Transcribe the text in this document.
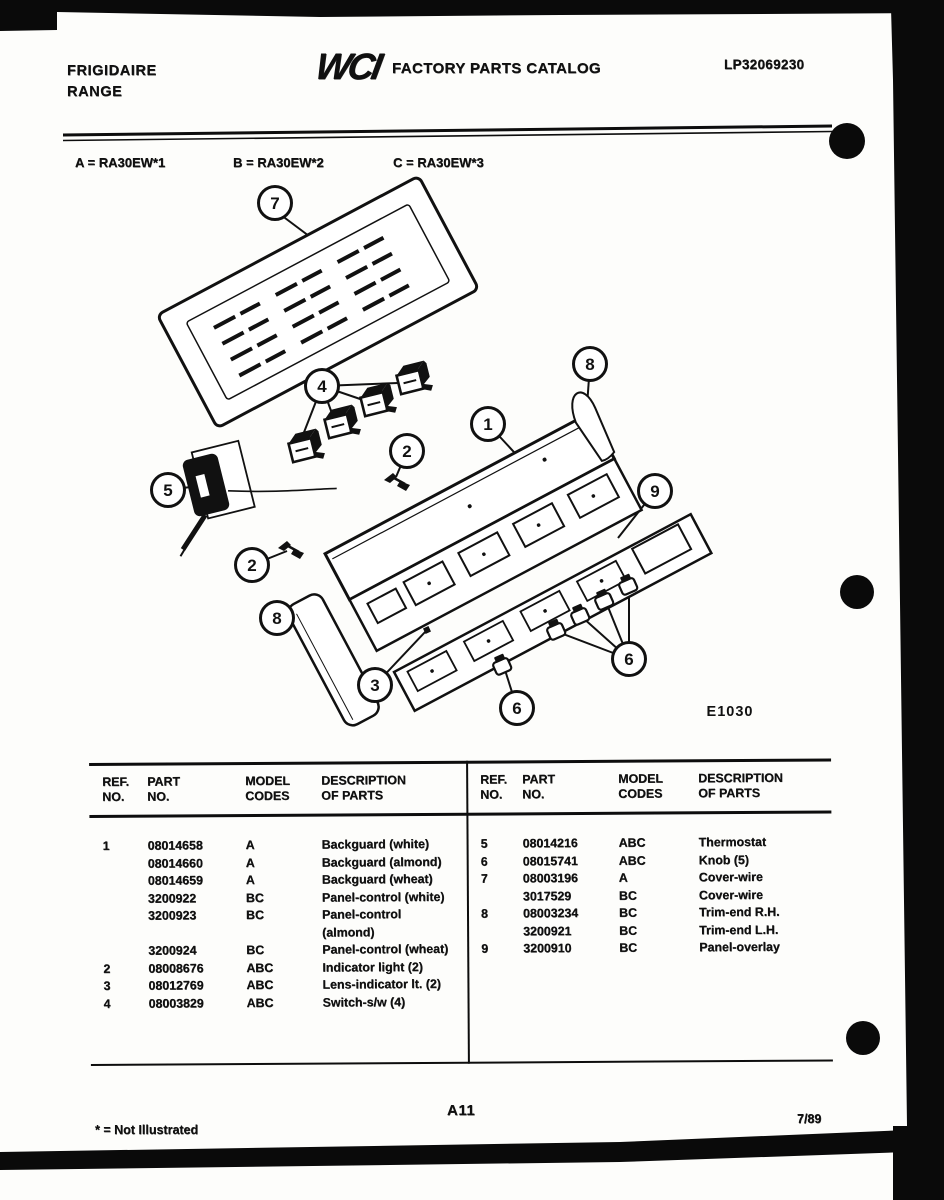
7
4
5
2
2
1
8
8
9
3
6
6	E1030
FRIGIDAIRE
RANGE
WCI FACTORY PARTS CATALOG	LP32069230
A = RA30EW*1	B = RA30EW*2	C = RA30EW*3
REF.
NO.
PART
NO.
MODEL
CODES
DESCRIPTION
OF PARTS
1	08014658	A	Backguard (white)
08014660	A	Backguard (almond)
08014659	A	Backguard (wheat)
3200922	BC	Panel-control (white)
3200923	BC	Panel-control
(almond)
3200924	BC	Panel-control (wheat)
2	08008676	ABC	Indicator light (2)
3	08012769	ABC	Lens-indicator lt. (2)
4	08003829	ABC	Switch-s/w (4)
REF.
NO.
PART
NO.
MODEL
CODES
DESCRIPTION
OF PARTS
5	08014216	ABC	Thermostat
6	08015741	ABC	Knob (5)
7	08003196	A	Cover-wire
3017529	BC	Cover-wire
8	08003234	BC	Trim-end R.H.
3200921	BC	Trim-end L.H.
9	3200910	BC	Panel-overlay
* = Not Illustrated
A11	7/89
